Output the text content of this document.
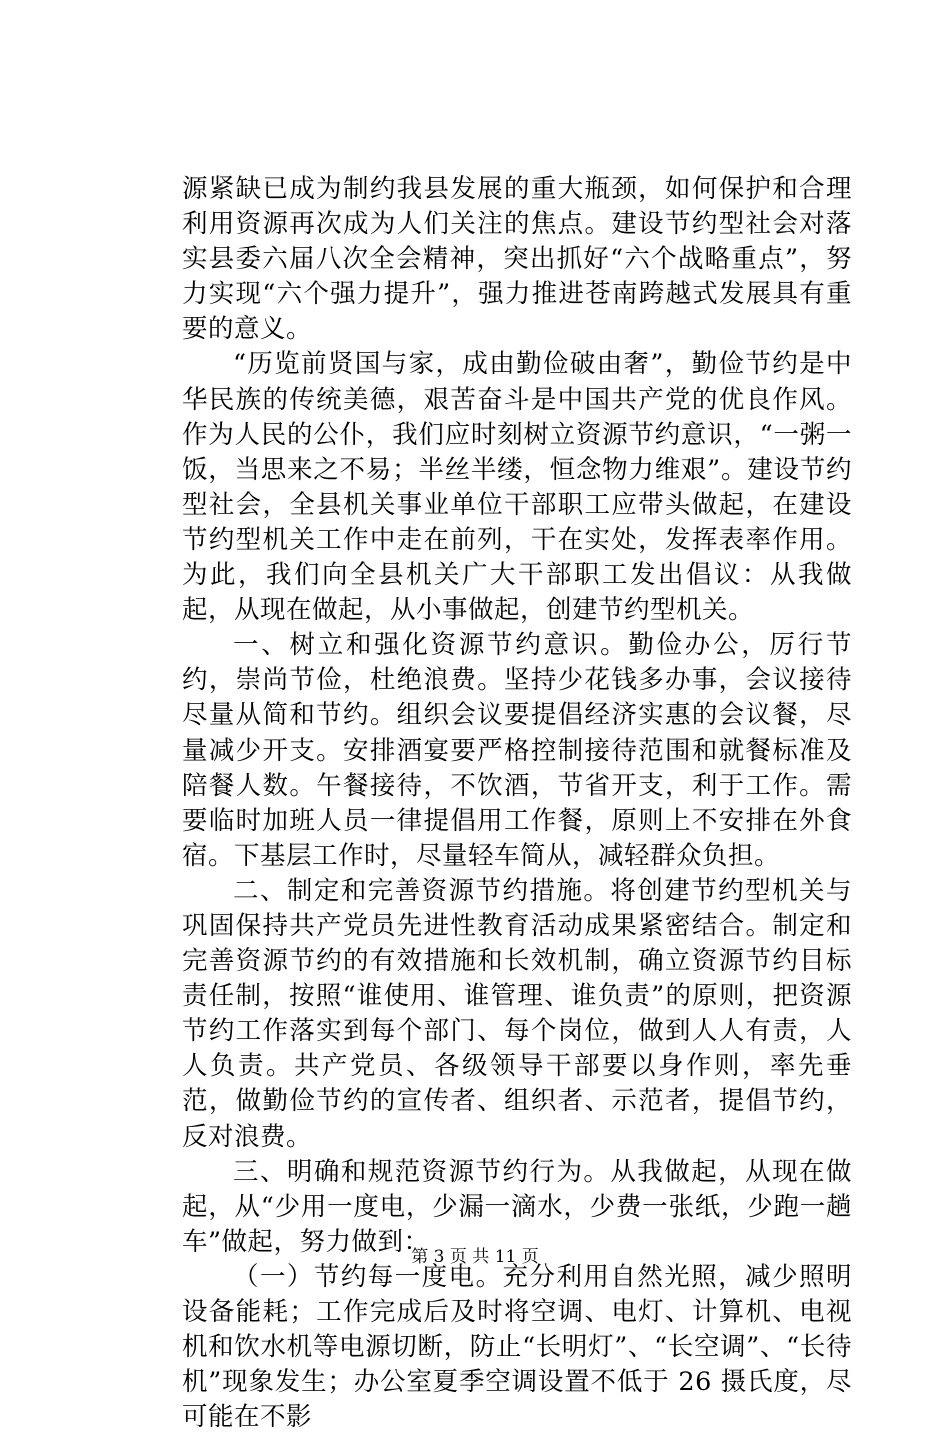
源紧缺已成为制约我县发展的重大瓶颈，如何保护和合理利用资源再次成为人们关注的焦点。建设节约型社会对落实县委六届八次全会精神，突出抓好“六个战略重点”，努力实现“六个强力提升”，强力推进苍南跨越式发展具有重要的意义。

“历览前贤国与家，成由勤俭破由奢”，勤俭节约是中华民族的传统美德，艰苦奋斗是中国共产党的优良作风。作为人民的公仆，我们应时刻树立资源节约意识，“一粥一饭，当思来之不易；半丝半缕，恒念物力维艰”。建设节约型社会，全县机关事业单位干部职工应带头做起，在建设节约型机关工作中走在前列，干在实处，发挥表率作用。为此，我们向全县机关广大干部职工发出倡议：从我做起，从现在做起，从小事做起，创建节约型机关。

一、树立和强化资源节约意识。勤俭办公，厉行节约，崇尚节俭，杜绝浪费。坚持少花钱多办事，会议接待尽量从简和节约。组织会议要提倡经济实惠的会议餐，尽量减少开支。安排酒宴要严格控制接待范围和就餐标准及陪餐人数。午餐接待，不饮酒，节省开支，利于工作。需要临时加班人员一律提倡用工作餐，原则上不安排在外食宿。下基层工作时，尽量轻车简从，减轻群众负担。

二、制定和完善资源节约措施。将创建节约型机关与巩固保持共产党员先进性教育活动成果紧密结合。制定和完善资源节约的有效措施和长效机制，确立资源节约目标责任制，按照“谁使用、谁管理、谁负责”的原则，把资源节约工作落实到每个部门、每个岗位，做到人人有责，人人负责。共产党员、各级领导干部要以身作则，率先垂范，做勤俭节约的宣传者、组织者、示范者，提倡节约，反对浪费。

三、明确和规范资源节约行为。从我做起，从现在做起，从“少用一度电，少漏一滴水，少费一张纸，少跑一趟车”做起，努力做到：

（一）节约每一度电。充分利用自然光照，减少照明设备能耗；工作完成后及时将空调、电灯、计算机、电视机和饮水机等电源切断，防止“长明灯”、“长空调”、“长待机”现象发生；办公室夏季空调设置不低于 26 摄氏度，尽可能在不影

第 3 页 共 11 页
